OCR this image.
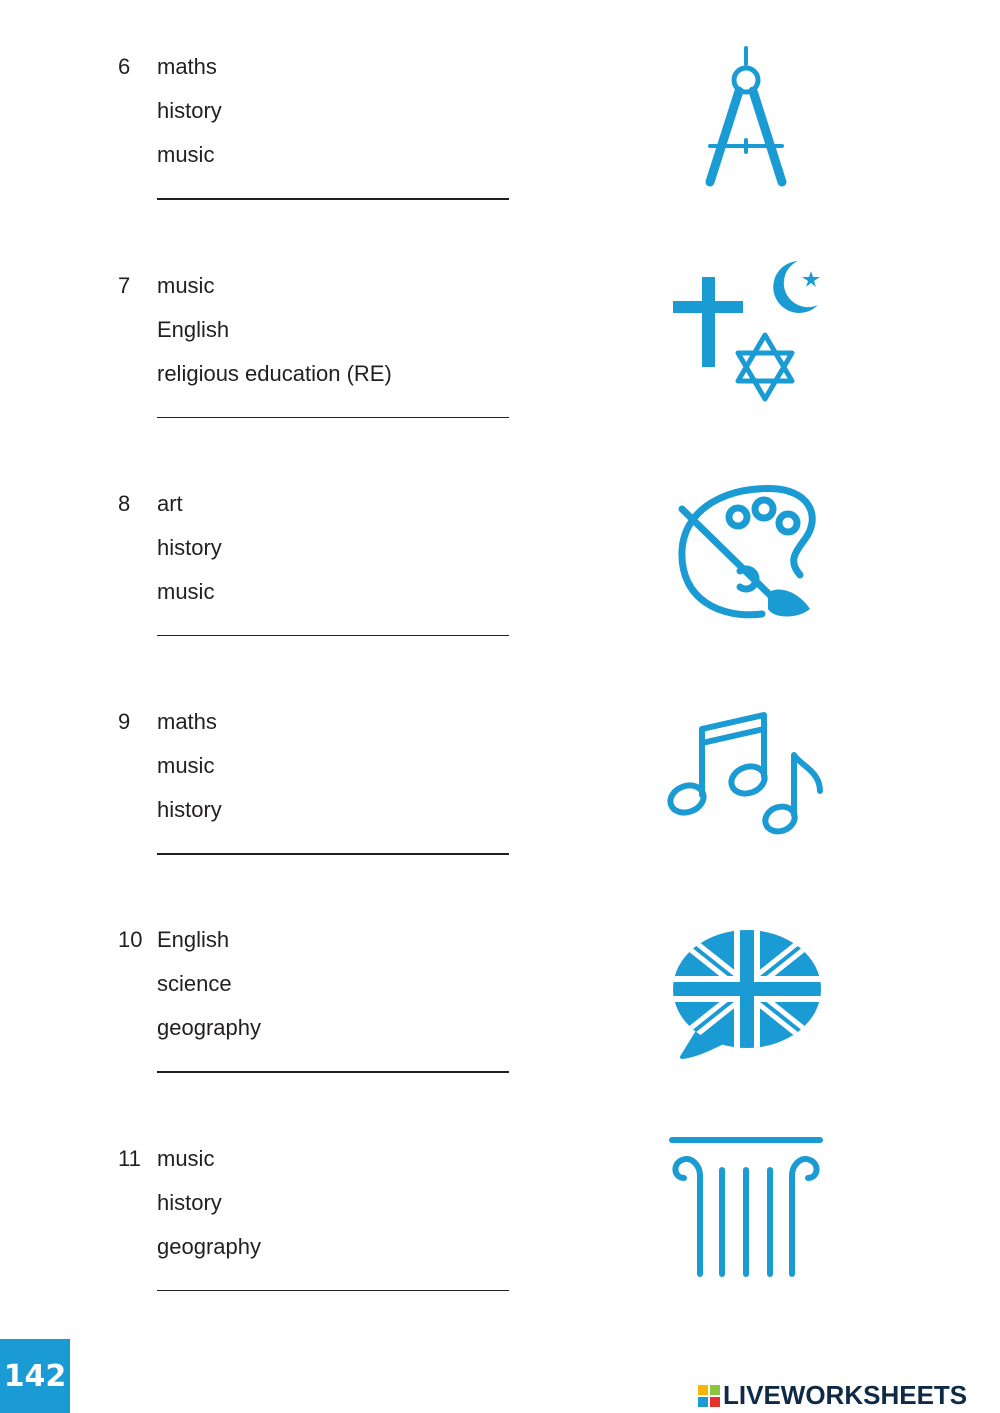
6 maths
history
music
7 music
English
religious education (RE)
8 art
history
music
9 maths
music
history
10 English
science
geography
11 music
history
geography
142
LIVEWORKSHEETS
